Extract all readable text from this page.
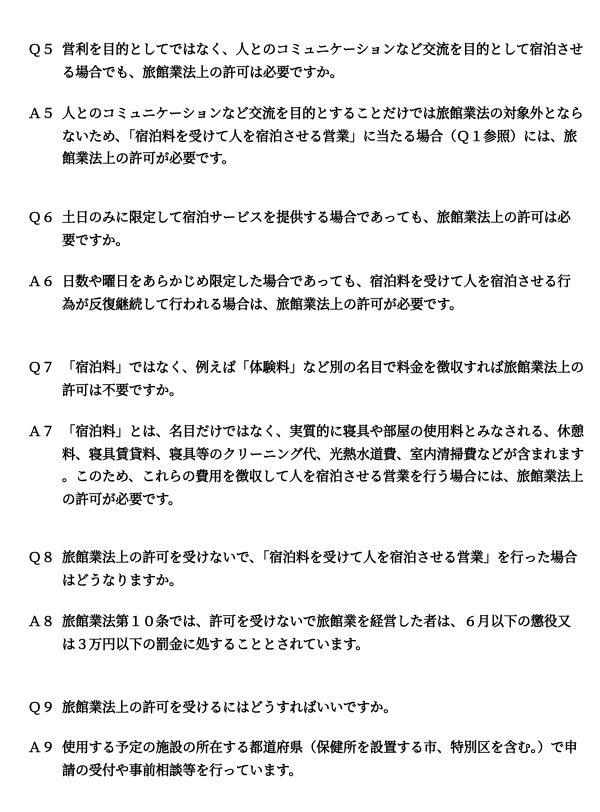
Ｑ５ 営利を目的としてではなく、人とのコミュニケーションなど交流を目的として宿泊させる場合でも、旅館業法上の許可は必要ですか。
Ａ５ 人とのコミュニケーションなど交流を目的とすることだけでは旅館業法の対象外とならないため、「宿泊料を受けて人を宿泊させる営業」に当たる場合（Ｑ１参照）には、旅館業法上の許可が必要です。
Ｑ６ 土日のみに限定して宿泊サービスを提供する場合であっても、旅館業法上の許可は必要ですか。
Ａ６ 日数や曜日をあらかじめ限定した場合であっても、宿泊料を受けて人を宿泊させる行為が反復継続して行われる場合は、旅館業法上の許可が必要です。
Ｑ７ 「宿泊料」ではなく、例えば「体験料」など別の名目で料金を徴収すれば旅館業法上の許可は不要ですか。
Ａ７ 「宿泊料」とは、名目だけではなく、実質的に寝具や部屋の使用料とみなされる、休憩料、寝具賃貸料、寝具等のクリーニング代、光熱水道費、室内清掃費などが含まれます。このため、これらの費用を徴収して人を宿泊させる営業を行う場合には、旅館業法上の許可が必要です。
Ｑ８ 旅館業法上の許可を受けないで、「宿泊料を受けて人を宿泊させる営業」を行った場合はどうなりますか。
Ａ８ 旅館業法第１０条では、許可を受けないで旅館業を経営した者は、６月以下の懲役又は３万円以下の罰金に処することとされています。
Ｑ９ 旅館業法上の許可を受けるにはどうすればいいですか。
Ａ９ 使用する予定の施設の所在する都道府県（保健所を設置する市、特別区を含む。）で申請の受付や事前相談等を行っています。
